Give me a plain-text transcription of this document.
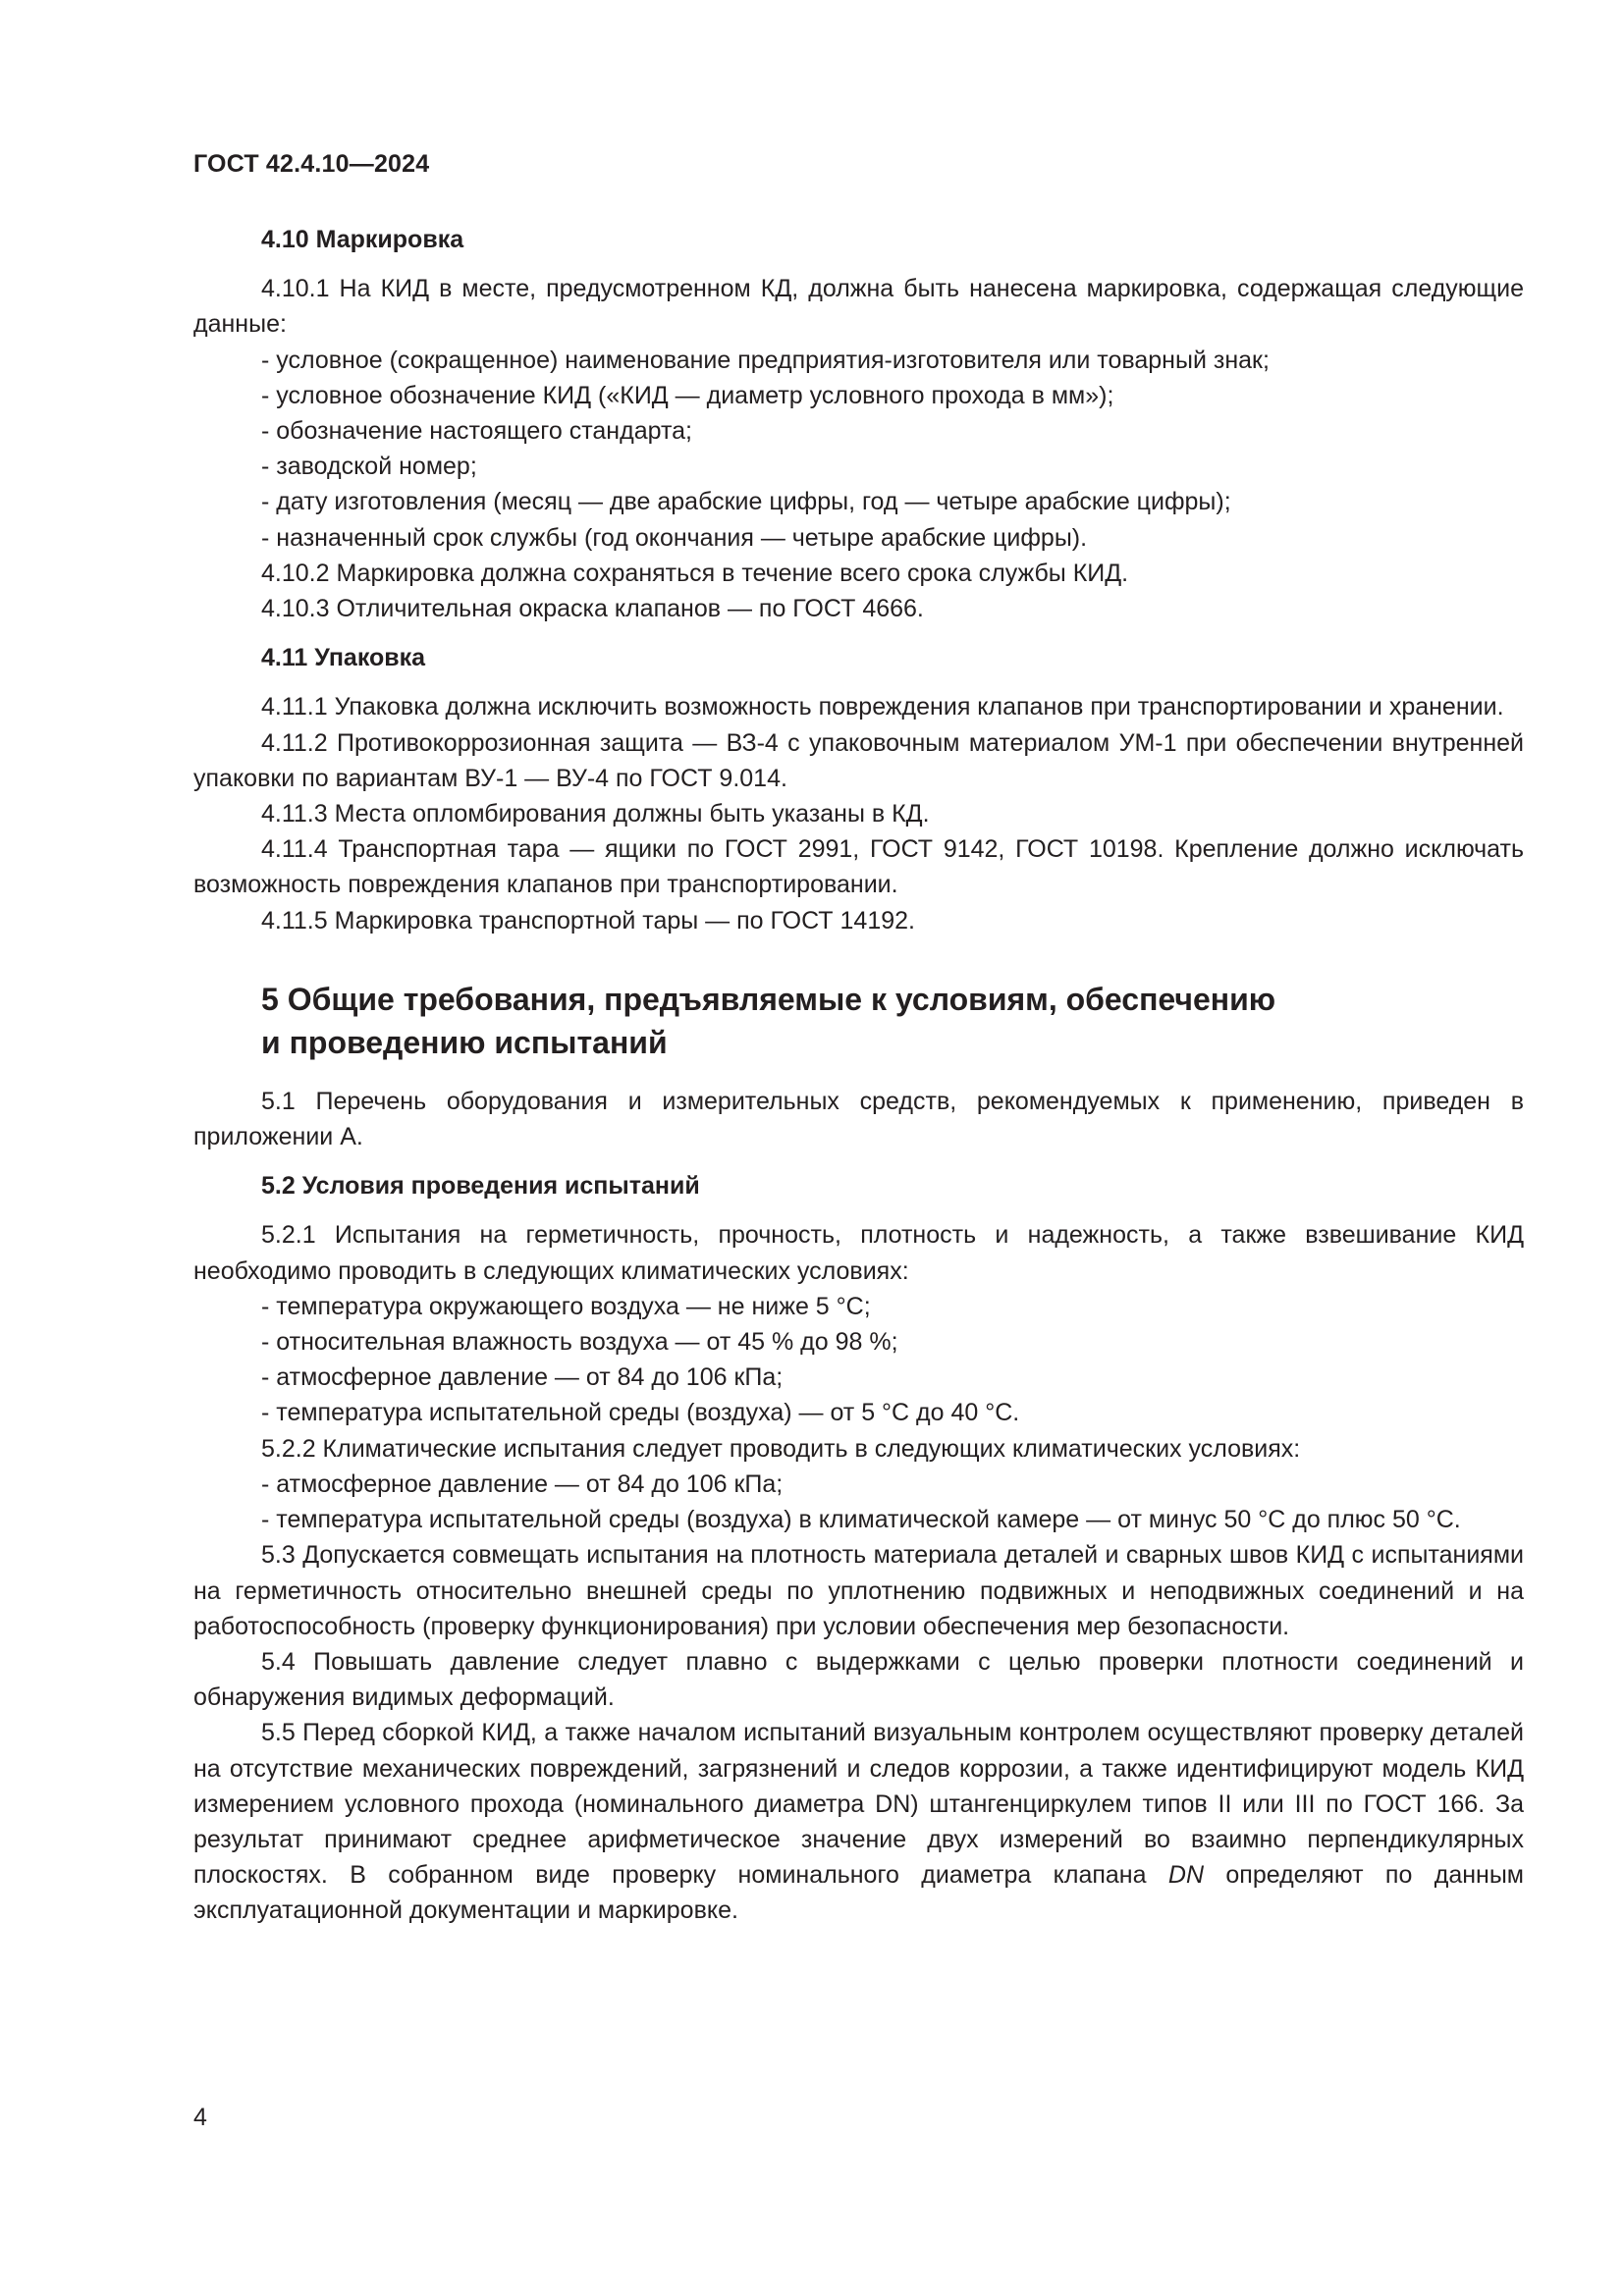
ГОСТ 42.4.10—2024

4.10 Маркировка

4.10.1 На КИД в месте, предусмотренном КД, должна быть нанесена маркировка, содержащая следующие данные:

- условное (сокращенное) наименование предприятия-изготовителя или товарный знак;

- условное обозначение КИД («КИД — диаметр условного прохода в мм»);

- обозначение настоящего стандарта;

- заводской номер;

- дату изготовления (месяц — две арабские цифры, год — четыре арабские цифры);

- назначенный срок службы (год окончания — четыре арабские цифры).

4.10.2 Маркировка должна сохраняться в течение всего срока службы КИД.

4.10.3 Отличительная окраска клапанов — по ГОСТ 4666.

4.11 Упаковка

4.11.1 Упаковка должна исключить возможность повреждения клапанов при транспортировании и хранении.

4.11.2 Противокоррозионная защита — ВЗ-4 с упаковочным материалом УМ-1 при обеспечении внутренней упаковки по вариантам ВУ-1 — ВУ-4 по ГОСТ 9.014.

4.11.3 Места опломбирования должны быть указаны в КД.

4.11.4 Транспортная тара — ящики по ГОСТ 2991, ГОСТ 9142, ГОСТ 10198. Крепление должно исключать возможность повреждения клапанов при транспортировании.

4.11.5 Маркировка транспортной тары — по ГОСТ 14192.

5 Общие требования, предъявляемые к условиям, обеспечению
и проведению испытаний

5.1 Перечень оборудования и измерительных средств, рекомендуемых к применению, приведен в приложении А.

5.2 Условия проведения испытаний

5.2.1 Испытания на герметичность, прочность, плотность и надежность, а также взвешивание КИД необходимо проводить в следующих климатических условиях:

- температура окружающего воздуха — не ниже 5 °C;

- относительная влажность воздуха — от 45 % до 98 %;

- атмосферное давление — от 84 до 106 кПа;

- температура испытательной среды (воздуха) — от 5 °C до 40 °C.

5.2.2 Климатические испытания следует проводить в следующих климатических условиях:

- атмосферное давление — от 84 до 106 кПа;

- температура испытательной среды (воздуха) в климатической камере — от минус 50 °C до плюс 50 °C.

5.3 Допускается совмещать испытания на плотность материала деталей и сварных швов КИД с испытаниями на герметичность относительно внешней среды по уплотнению подвижных и неподвижных соединений и на работоспособность (проверку функционирования) при условии обеспечения мер безопасности.

5.4 Повышать давление следует плавно с выдержками с целью проверки плотности соединений и обнаружения видимых деформаций.

5.5 Перед сборкой КИД, а также началом испытаний визуальным контролем осуществляют проверку деталей на отсутствие механических повреждений, загрязнений и следов коррозии, а также идентифицируют модель КИД измерением условного прохода (номинального диаметра DN) штангенциркулем типов II или III по ГОСТ 166. За результат принимают среднее арифметическое значение двух измерений во взаимно перпендикулярных плоскостях. В собранном виде проверку номинального диаметра клапана DN определяют по данным эксплуатационной документации и маркировке.

4
